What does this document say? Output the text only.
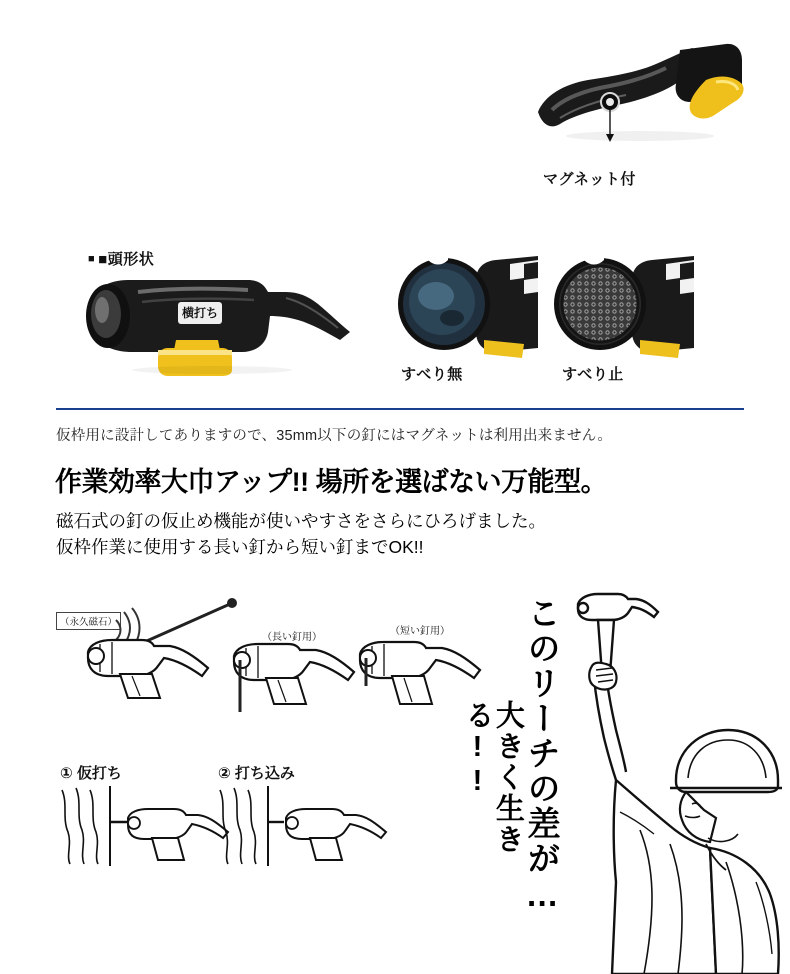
マグネット付
■ ■頭形状
横打ち
すべり無	すべり止
仮枠用に設計してありますので、35mm以下の釘にはマグネットは利用出来ません。
作業効率大巾アップ!! 場所を選ばない万能型。
磁石式の釘の仮止め機能が使いやすさをさらにひろげました。
仮枠作業に使用する長い釘から短い釘までOK!!
（永久磁石）
（長い釘用）
（短い釘用）
① 仮打ち	② 打ち込み	このリーチの差が…
大きく生きる!!
